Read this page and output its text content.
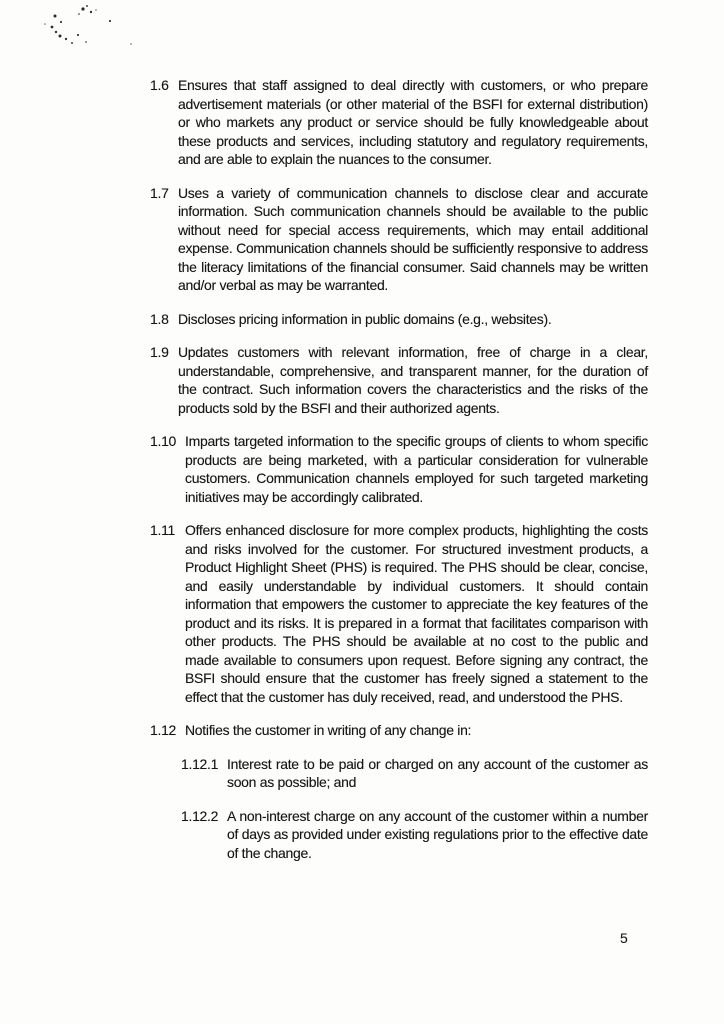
1.6 Ensures that staff assigned to deal directly with customers, or who prepare advertisement materials (or other material of the BSFI for external distribution) or who markets any product or service should be fully knowledgeable about these products and services, including statutory and regulatory requirements, and are able to explain the nuances to the consumer.
1.7 Uses a variety of communication channels to disclose clear and accurate information. Such communication channels should be available to the public without need for special access requirements, which may entail additional expense. Communication channels should be sufficiently responsive to address the literacy limitations of the financial consumer. Said channels may be written and/or verbal as may be warranted.
1.8 Discloses pricing information in public domains (e.g., websites).
1.9 Updates customers with relevant information, free of charge in a clear, understandable, comprehensive, and transparent manner, for the duration of the contract. Such information covers the characteristics and the risks of the products sold by the BSFI and their authorized agents.
1.10 Imparts targeted information to the specific groups of clients to whom specific products are being marketed, with a particular consideration for vulnerable customers. Communication channels employed for such targeted marketing initiatives may be accordingly calibrated.
1.11 Offers enhanced disclosure for more complex products, highlighting the costs and risks involved for the customer. For structured investment products, a Product Highlight Sheet (PHS) is required. The PHS should be clear, concise, and easily understandable by individual customers. It should contain information that empowers the customer to appreciate the key features of the product and its risks. It is prepared in a format that facilitates comparison with other products. The PHS should be available at no cost to the public and made available to consumers upon request. Before signing any contract, the BSFI should ensure that the customer has freely signed a statement to the effect that the customer has duly received, read, and understood the PHS.
1.12 Notifies the customer in writing of any change in:
1.12.1 Interest rate to be paid or charged on any account of the customer as soon as possible; and
1.12.2 A non-interest charge on any account of the customer within a number of days as provided under existing regulations prior to the effective date of the change.
5
